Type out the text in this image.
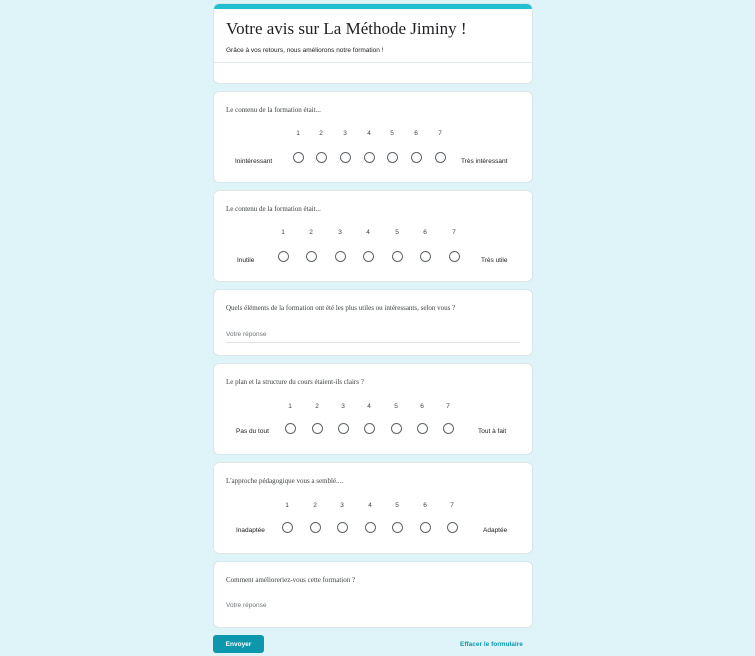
Votre avis sur La Méthode Jiminy !
Grâce à vos retours, nous améliorons notre formation !
Le contenu de la formation était...
Inintéressant	Très intéressant
1	2	3	4	5	6	7
Le contenu de la formation était...
Inutile	Très utile
1	2	3	4	5	6	7
Quels éléments de la formation ont été les plus utiles ou intéressants, selon vous ?
Votre réponse
Le plan et la structure du cours étaient-ils clairs ?
Pas du tout	Tout à fait
1	2	3	4	5	6	7
L'approche pédagogique vous a semblé....
Inadaptée	Adaptée
1	2	3	4	5	6	7
Comment amélioreriez-vous cette formation ?
Votre réponse
Envoyer	Effacer le formulaire
